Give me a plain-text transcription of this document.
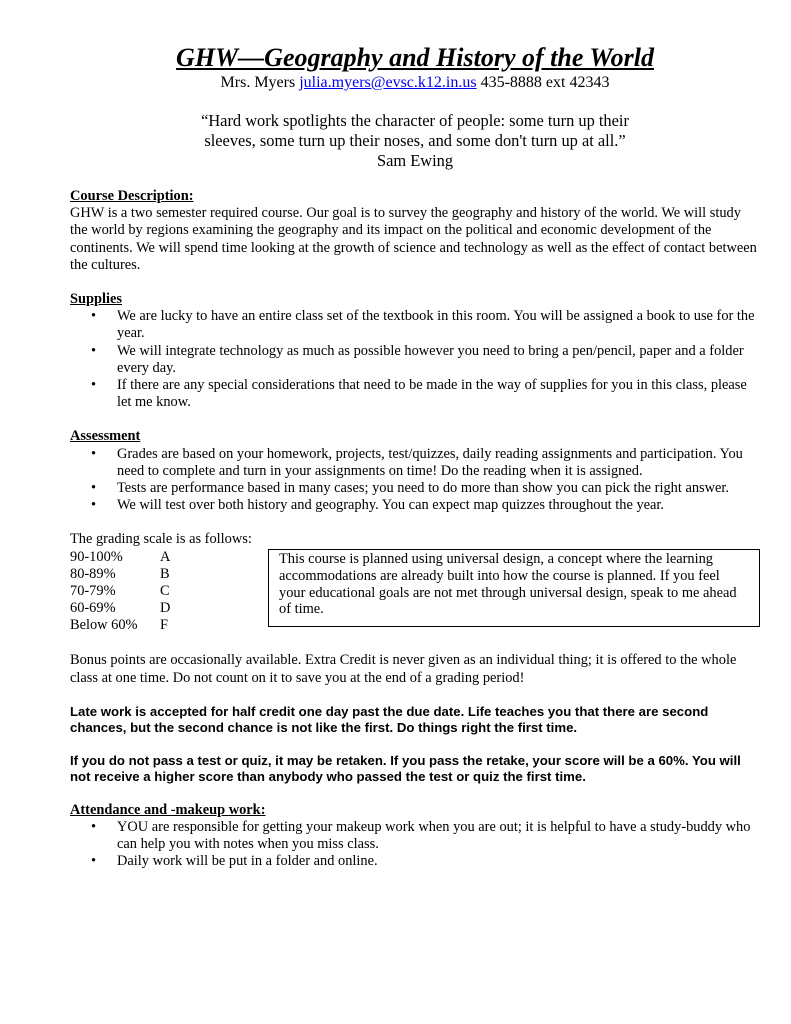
GHW—Geography and History of the World
Mrs. Myers julia.myers@evsc.k12.in.us 435-8888 ext 42343
“Hard work spotlights the character of people: some turn up their
sleeves, some turn up their noses, and some don't turn up at all.”
Sam Ewing

Course Description:

GHW is a two semester required course. Our goal is to survey the geography and history of the world. We will study the world by regions examining the geography and its impact on the political and economic development of the continents. We will spend time looking at the growth of science and technology as well as the effect of contact between the cultures.

Supplies

• We are lucky to have an entire class set of the textbook in this room. You will be assigned a book to use for the year.
• We will integrate technology as much as possible however you need to bring a pen/pencil, paper and a folder every day.
• If there are any special considerations that need to be made in the way of supplies for you in this class, please let me know.

Assessment

• Grades are based on your homework, projects, test/quizzes, daily reading assignments and participation. You need to complete and turn in your assignments on time! Do the reading when it is assigned.
• Tests are performance based in many cases; you need to do more than show you can pick the right answer.
• We will test over both history and geography. You can expect map quizzes throughout the year.

The grading scale is as follows:

90-100%	A
80-89%	B
70-79%	C
60-69%	D
Below 60%	F
This course is planned using universal design, a concept where the learning accommodations are already built into how the course is planned. If you feel your educational goals are not met through universal design, speak to me ahead of time.

Bonus points are occasionally available. Extra Credit is never given as an individual thing; it is offered to the whole class at one time. Do not count on it to save you at the end of a grading period!

Late work is accepted for half credit one day past the due date. Life teaches you that there are second chances, but the second chance is not like the first. Do things right the first time.

If you do not pass a test or quiz, it may be retaken. If you pass the retake, your score will be a 60%. You will not receive a higher score than anybody who passed the test or quiz the first time.

Attendance and -makeup work:

• YOU are responsible for getting your makeup work when you are out; it is helpful to have a study-buddy who can help you with notes when you miss class.
• Daily work will be put in a folder and online.
